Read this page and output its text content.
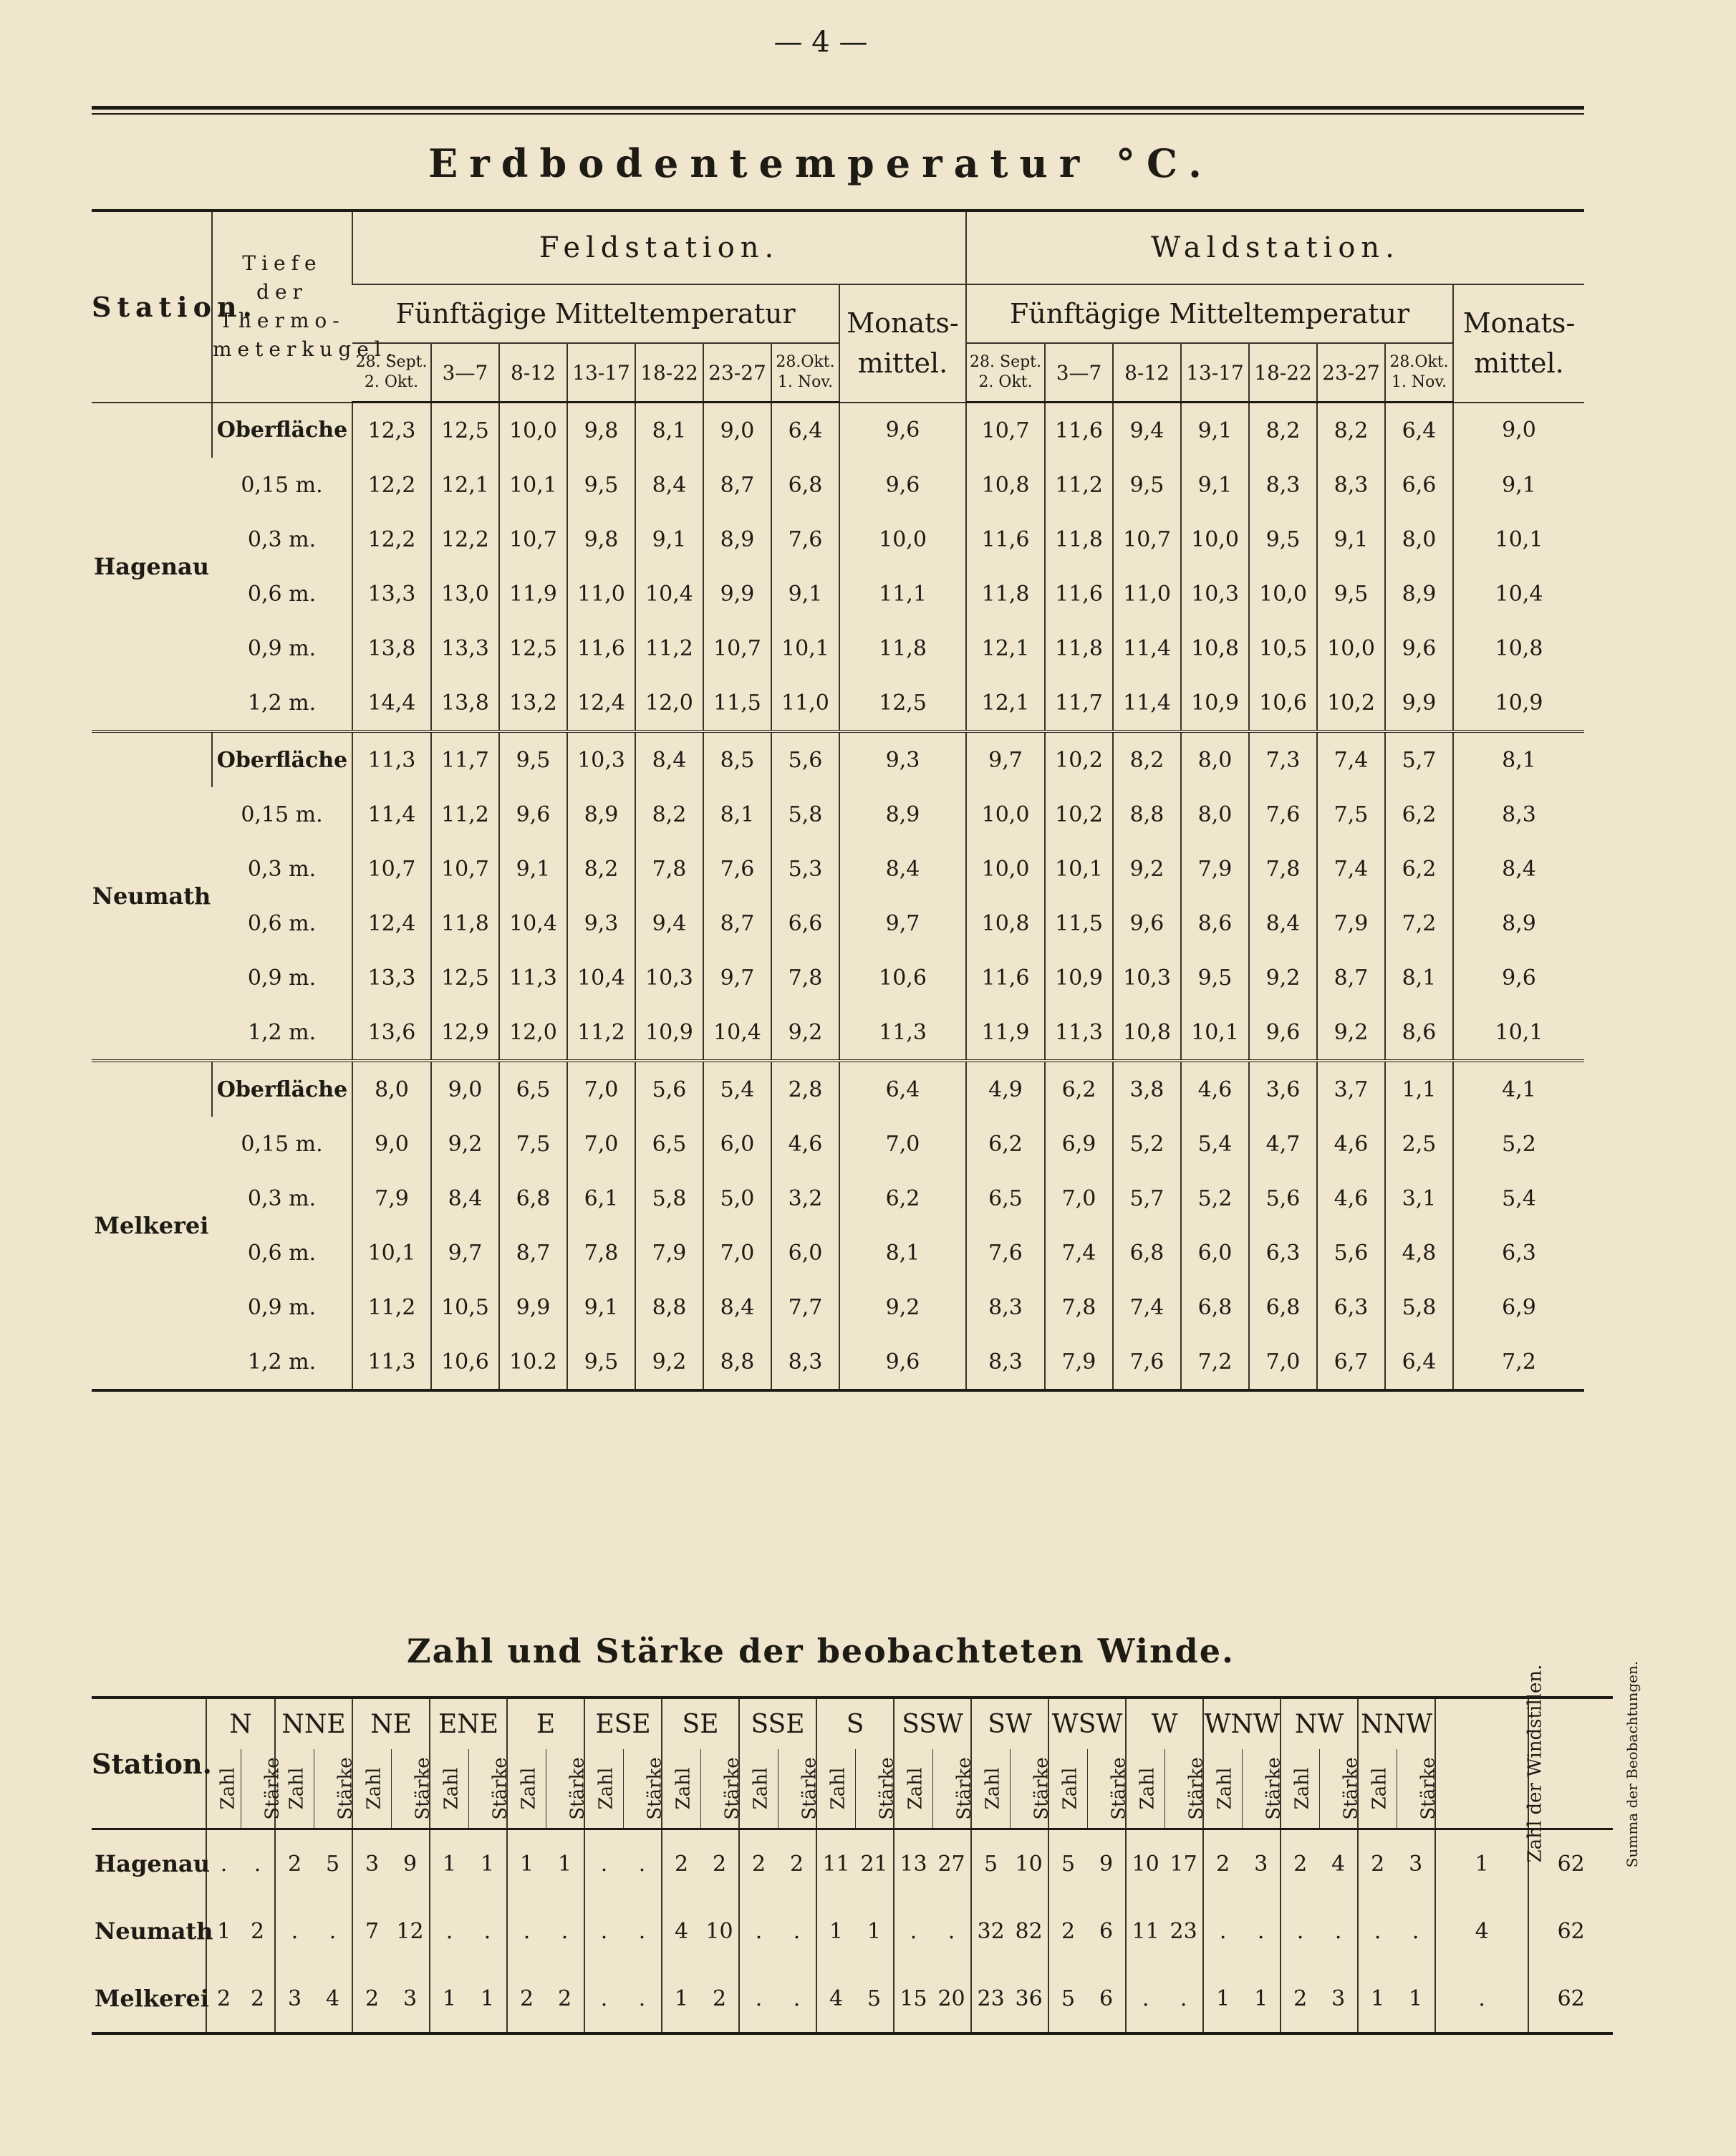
— 4 —
Erdbodentemperatur °C.
Station.	Tiefe der Thermo- meterkugel.	Feldstation.								Waldstation.							
		Fünftägige Mitteltemperatur							Monats- mittel.	Fünftägige Mitteltemperatur							Monats- mittel.
		28. Sept. 2. Okt.	3—7	8-12	13-17	18-22	23-27	28.Okt. 1. Nov.		28. Sept. 2. Okt.	3—7	8-12	13-17	18-22	23-27	28.Okt. 1. Nov.	
Hagenau	Oberfläche	12,3	12,5	10,0	9,8	8,1	9,0	6,4	9,6	10,7	11,6	9,4	9,1	8,2	8,2	6,4	9,0
	0,15 m.	12,2	12,1	10,1	9,5	8,4	8,7	6,8	9,6	10,8	11,2	9,5	9,1	8,3	8,3	6,6	9,1
	0,3 m.	12,2	12,2	10,7	9,8	9,1	8,9	7,6	10,0	11,6	11,8	10,7	10,0	9,5	9,1	8,0	10,1
	0,6 m.	13,3	13,0	11,9	11,0	10,4	9,9	9,1	11,1	11,8	11,6	11,0	10,3	10,0	9,5	8,9	10,4
	0,9 m.	13,8	13,3	12,5	11,6	11,2	10,7	10,1	11,8	12,1	11,8	11,4	10,8	10,5	10,0	9,6	10,8
	1,2 m.	14,4	13,8	13,2	12,4	12,0	11,5	11,0	12,5	12,1	11,7	11,4	10,9	10,6	10,2	9,9	10,9
Neumath	Oberfläche	11,3	11,7	9,5	10,3	8,4	8,5	5,6	9,3	9,7	10,2	8,2	8,0	7,3	7,4	5,7	8,1
	0,15 m.	11,4	11,2	9,6	8,9	8,2	8,1	5,8	8,9	10,0	10,2	8,8	8,0	7,6	7,5	6,2	8,3
	0,3 m.	10,7	10,7	9,1	8,2	7,8	7,6	5,3	8,4	10,0	10,1	9,2	7,9	7,8	7,4	6,2	8,4
	0,6 m.	12,4	11,8	10,4	9,3	9,4	8,7	6,6	9,7	10,8	11,5	9,6	8,6	8,4	7,9	7,2	8,9
	0,9 m.	13,3	12,5	11,3	10,4	10,3	9,7	7,8	10,6	11,6	10,9	10,3	9,5	9,2	8,7	8,1	9,6
	1,2 m.	13,6	12,9	12,0	11,2	10,9	10,4	9,2	11,3	11,9	11,3	10,8	10,1	9,6	9,2	8,6	10,1
Melkerei	Oberfläche	8,0	9,0	6,5	7,0	5,6	5,4	2,8	6,4	4,9	6,2	3,8	4,6	3,6	3,7	1,1	4,1
	0,15 m.	9,0	9,2	7,5	7,0	6,5	6,0	4,6	7,0	6,2	6,9	5,2	5,4	4,7	4,6	2,5	5,2
	0,3 m.	7,9	8,4	6,8	6,1	5,8	5,0	3,2	6,2	6,5	7,0	5,7	5,2	5,6	4,6	3,1	5,4
	0,6 m.	10,1	9,7	8,7	7,8	7,9	7,0	6,0	8,1	7,6	7,4	6,8	6,0	6,3	5,6	4,8	6,3
	0,9 m.	11,2	10,5	9,9	9,1	8,8	8,4	7,7	9,2	8,3	7,8	7,4	6,8	6,8	6,3	5,8	6,9
	1,2 m.	11,3	10,6	10.2	9,5	9,2	8,8	8,3	9,6	8,3	7,9	7,6	7,2	7,0	6,7	6,4	7,2
Zahl und Stärke der beobachteten Winde.
Station.	N		NNE		NE		ENE		E		ESE		SE		SSE		S		SSW		SW		WSW		W		WNW		NW		NNW		Zahl der Windstillen.	Summa der Beobachtungen.
	Zahl	Stärke	Zahl	Stärke	Zahl	Stärke	Zahl	Stärke	Zahl	Stärke	Zahl	Stärke	Zahl	Stärke	Zahl	Stärke	Zahl	Stärke	Zahl	Stärke	Zahl	Stärke	Zahl	Stärke	Zahl	Stärke	Zahl	Stärke	Zahl	Stärke	Zahl	Stärke		
Hagenau	.	.	2	5	3	9	1	1	1	1	.	.	2	2	2	2	11	21	13	27	5	10	5	9	10	17	2	3	2	4	2	3	1	62
Neumath	1	2	.	.	7	12	.	.	.	.	.	.	4	10	.	.	1	1	.	.	32	82	2	6	11	23	.	.	.	.	.	.	4	62
Melkerei	2	2	3	4	2	3	1	1	2	2	.	.	1	2	.	.	4	5	15	20	23	36	5	6	.	.	1	1	2	3	1	1	.	62
